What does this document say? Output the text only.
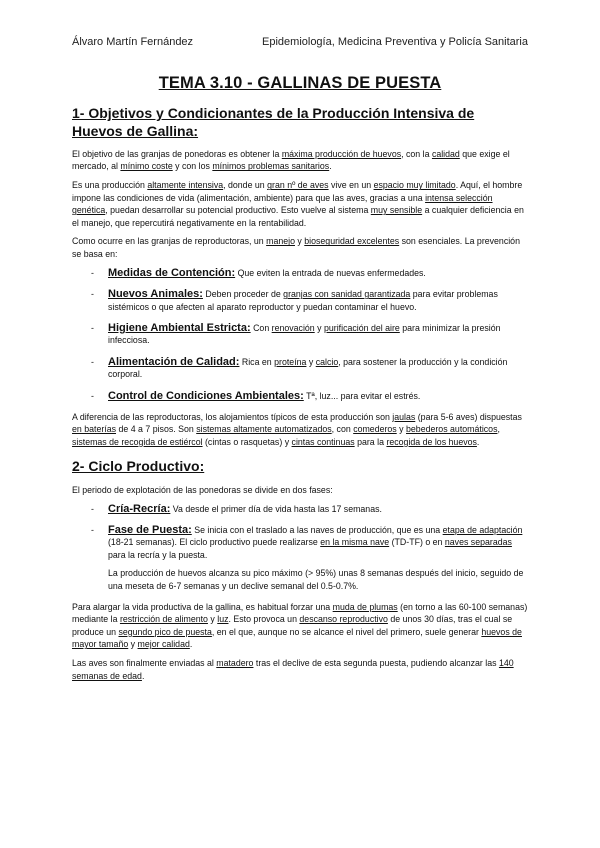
Álvaro Martín Fernández	Epidemiología, Medicina Preventiva y Policía Sanitaria
TEMA 3.10 - GALLINAS DE PUESTA
1- Objetivos y Condicionantes de la Producción Intensiva de Huevos de Gallina:

El objetivo de las granjas de ponedoras es obtener la máxima producción de huevos, con la calidad que exige el mercado, al mínimo coste y con los mínimos problemas sanitarios.

Es una producción altamente intensiva, donde un gran nº de aves vive en un espacio muy limitado. Aquí, el hombre impone las condiciones de vida (alimentación, ambiente) para que las aves, gracias a una intensa selección genética, puedan desarrollar su potencial productivo. Esto vuelve al sistema muy sensible a cualquier deficiencia en el manejo, que repercutirá negativamente en la rentabilidad.

Como ocurre en las granjas de reproductoras, un manejo y bioseguridad excelentes son esenciales. La prevención se basa en:

- Medidas de Contención: Que eviten la entrada de nuevas enfermedades.
- Nuevos Animales: Deben proceder de granjas con sanidad garantizada para evitar problemas sistémicos o que afecten al aparato reproductor y puedan contaminar el huevo.
- Higiene Ambiental Estricta: Con renovación y purificación del aire para minimizar la presión infecciosa.
- Alimentación de Calidad: Rica en proteína y calcio, para sostener la producción y la condición corporal.
- Control de Condiciones Ambientales: Tª, luz... para evitar el estrés.

A diferencia de las reproductoras, los alojamientos típicos de esta producción son jaulas (para 5-6 aves) dispuestas en baterías de 4 a 7 pisos. Son sistemas altamente automatizados, con comederos y bebederos automáticos, sistemas de recogida de estiércol (cintas o rasquetas) y cintas continuas para la recogida de los huevos.

2- Ciclo Productivo:

El periodo de explotación de las ponedoras se divide en dos fases:

- Cría-Recría: Va desde el primer día de vida hasta las 17 semanas.
- Fase de Puesta: Se inicia con el traslado a las naves de producción, que es una etapa de adaptación (18-21 semanas). El ciclo productivo puede realizarse en la misma nave (TD-TF) o en naves separadas para la recría y la puesta.

La producción de huevos alcanza su pico máximo (> 95%) unas 8 semanas después del inicio, seguido de una meseta de 6-7 semanas y un declive semanal del 0.5-0.7%.

Para alargar la vida productiva de la gallina, es habitual forzar una muda de plumas (en torno a las 60-100 semanas) mediante la restricción de alimento y luz. Esto provoca un descanso reproductivo de unos 30 días, tras el cual se produce un segundo pico de puesta, en el que, aunque no se alcance el nivel del primero, suele generar huevos de mayor tamaño y mejor calidad.

Las aves son finalmente enviadas al matadero tras el declive de esta segunda puesta, pudiendo alcanzar las 140 semanas de edad.
